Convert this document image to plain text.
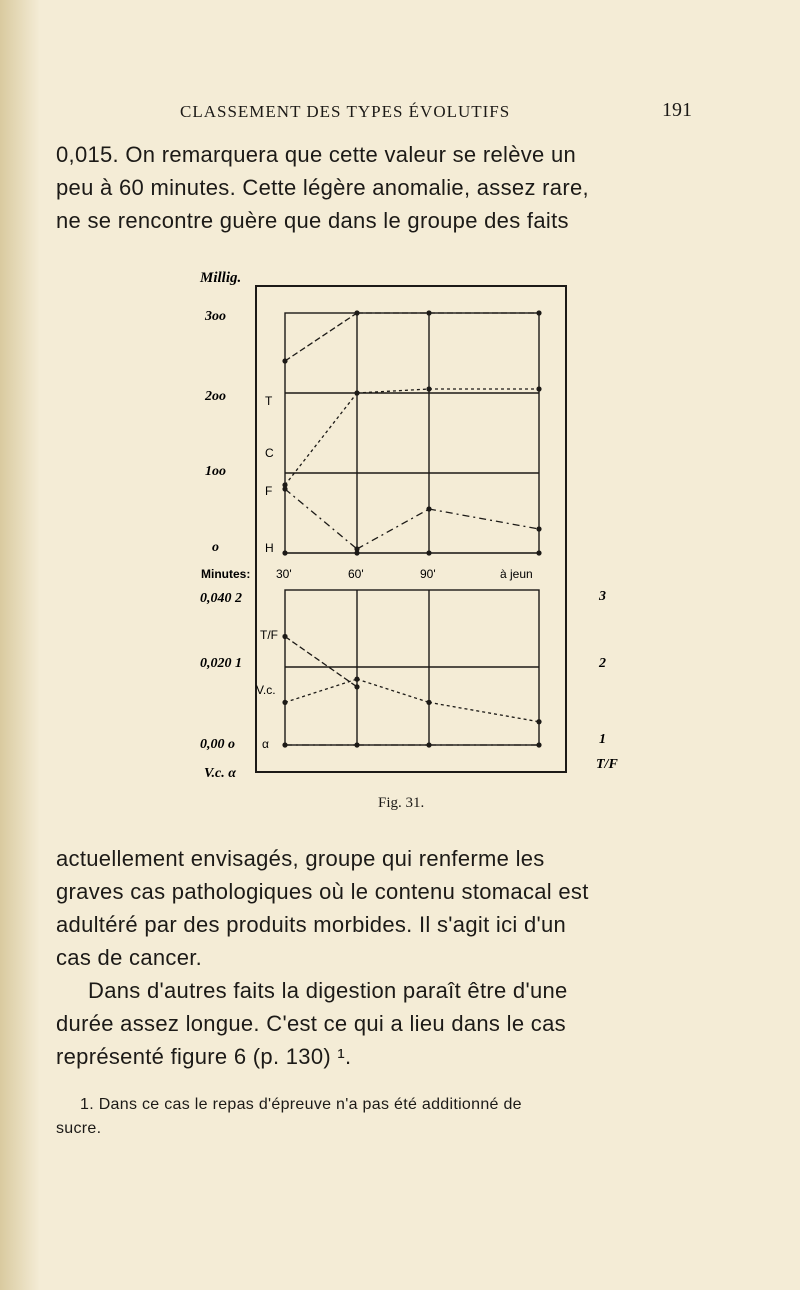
CLASSEMENT DES TYPES ÉVOLUTIFS	191
0,015. On remarquera que cette valeur se relève un
peu à 60 minutes. Cette légère anomalie, assez rare,
ne se rencontre guère que dans le groupe des faits
Millig.
3oo
2oo
1oo
o
T
C
F
H
Minutes: 30'	60'	90'	à jeun
0,040 2
0,020 1
0,00 o
V.c. α
T/F
V.c.
α
3
2
1
T/F
Fig. 31.
actuellement envisagés, groupe qui renferme les
graves cas pathologiques où le contenu stomacal est
adultéré par des produits morbides. Il s'agit ici d'un
cas de cancer.
Dans d'autres faits la digestion paraît être d'une
durée assez longue. C'est ce qui a lieu dans le cas
représenté figure 6 (p. 130) ¹.
1. Dans ce cas le repas d'épreuve n'a pas été additionné de
sucre.
